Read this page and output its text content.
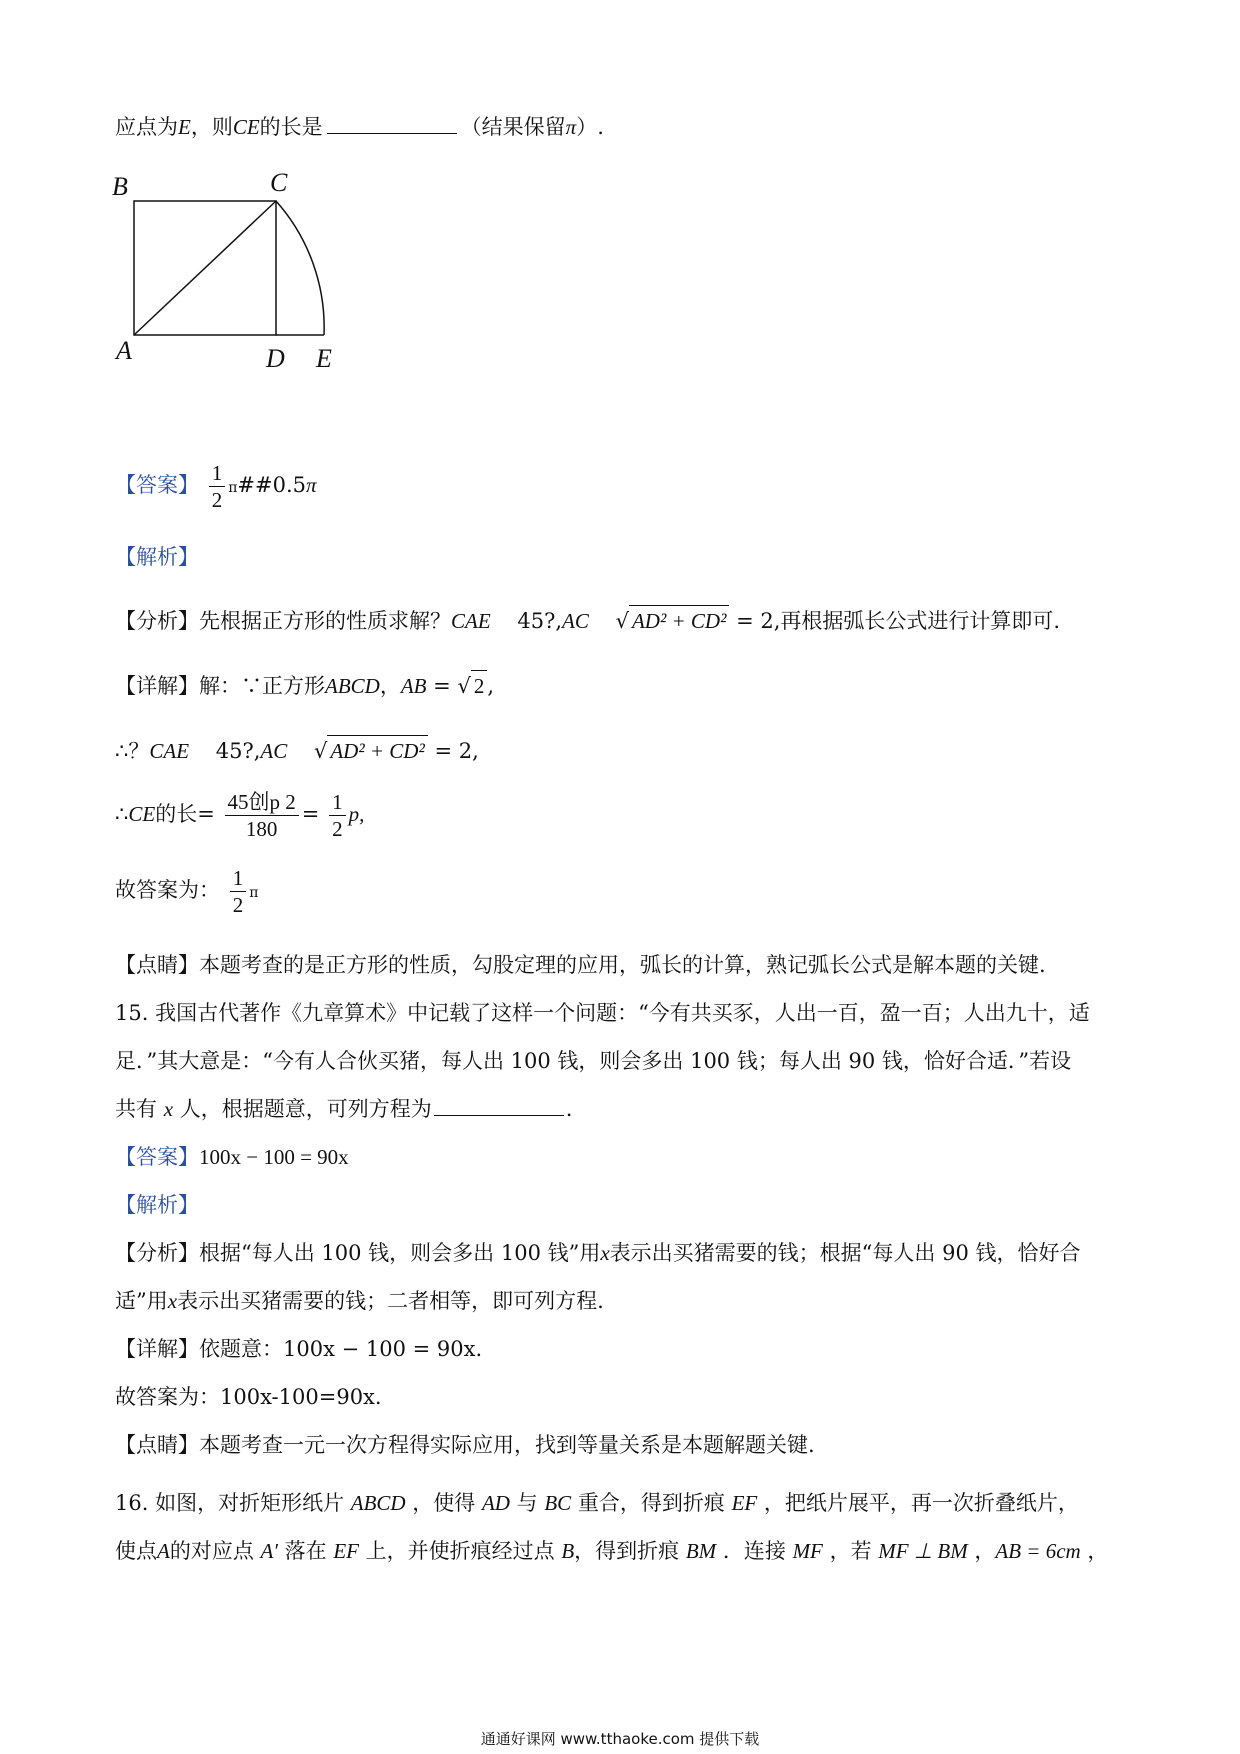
应点为E，则CE的长是	（结果保留π）.
B	C
A	D E
【答案】 $\frac{1}{2}$ π##0.5π
【解析】
【分析】先根据正方形的性质求解？CAE 45?,AC √ AD² + CD² = 2,再根据弧长公式进行计算即可.
【详解】解：∵正方形ABCD，AB = √ 2 ,
∴？CAE 45?,AC √ AD² + CD² = 2,
∴CE的长= $\frac{\text{45创p 2}}{180} = \frac{1}{2} p$,
故答案为： $\frac{1}{2}$ π
【点睛】本题考查的是正方形的性质，勾股定理的应用，弧长的计算，熟记弧长公式是解本题的关键.
15. 我国古代著作《九章算术》中记载了这样一个问题：“今有共买豕，人出一百，盈一百；人出九十，适
足．”其大意是：“今有人合伙买猪，每人出 100 钱，则会多出 100 钱；每人出 90 钱，恰好合适．”若设
共有 x 人，根据题意，可列方程为	.
【答案】100x − 100 = 90x
【解析】
【分析】根据“每人出 100 钱，则会多出 100 钱”用x表示出买猪需要的钱；根据“每人出 90 钱，恰好合
适”用x表示出买猪需要的钱；二者相等，即可列方程.
【详解】依题意：100x − 100 = 90x.
故答案为：100x-100=90x.
【点睛】本题考查一元一次方程得实际应用，找到等量关系是本题解题关键.
16. 如图，对折矩形纸片 ABCD ，使得 AD 与 BC 重合，得到折痕 EF ，把纸片展平，再一次折叠纸片，
使点A的对应点 A′ 落在 EF 上，并使折痕经过点 B，得到折痕 BM ．连接 MF ，若 MF ⊥ BM ，AB = 6cm ，
通通好课网 www.tthaoke.com 提供下载
